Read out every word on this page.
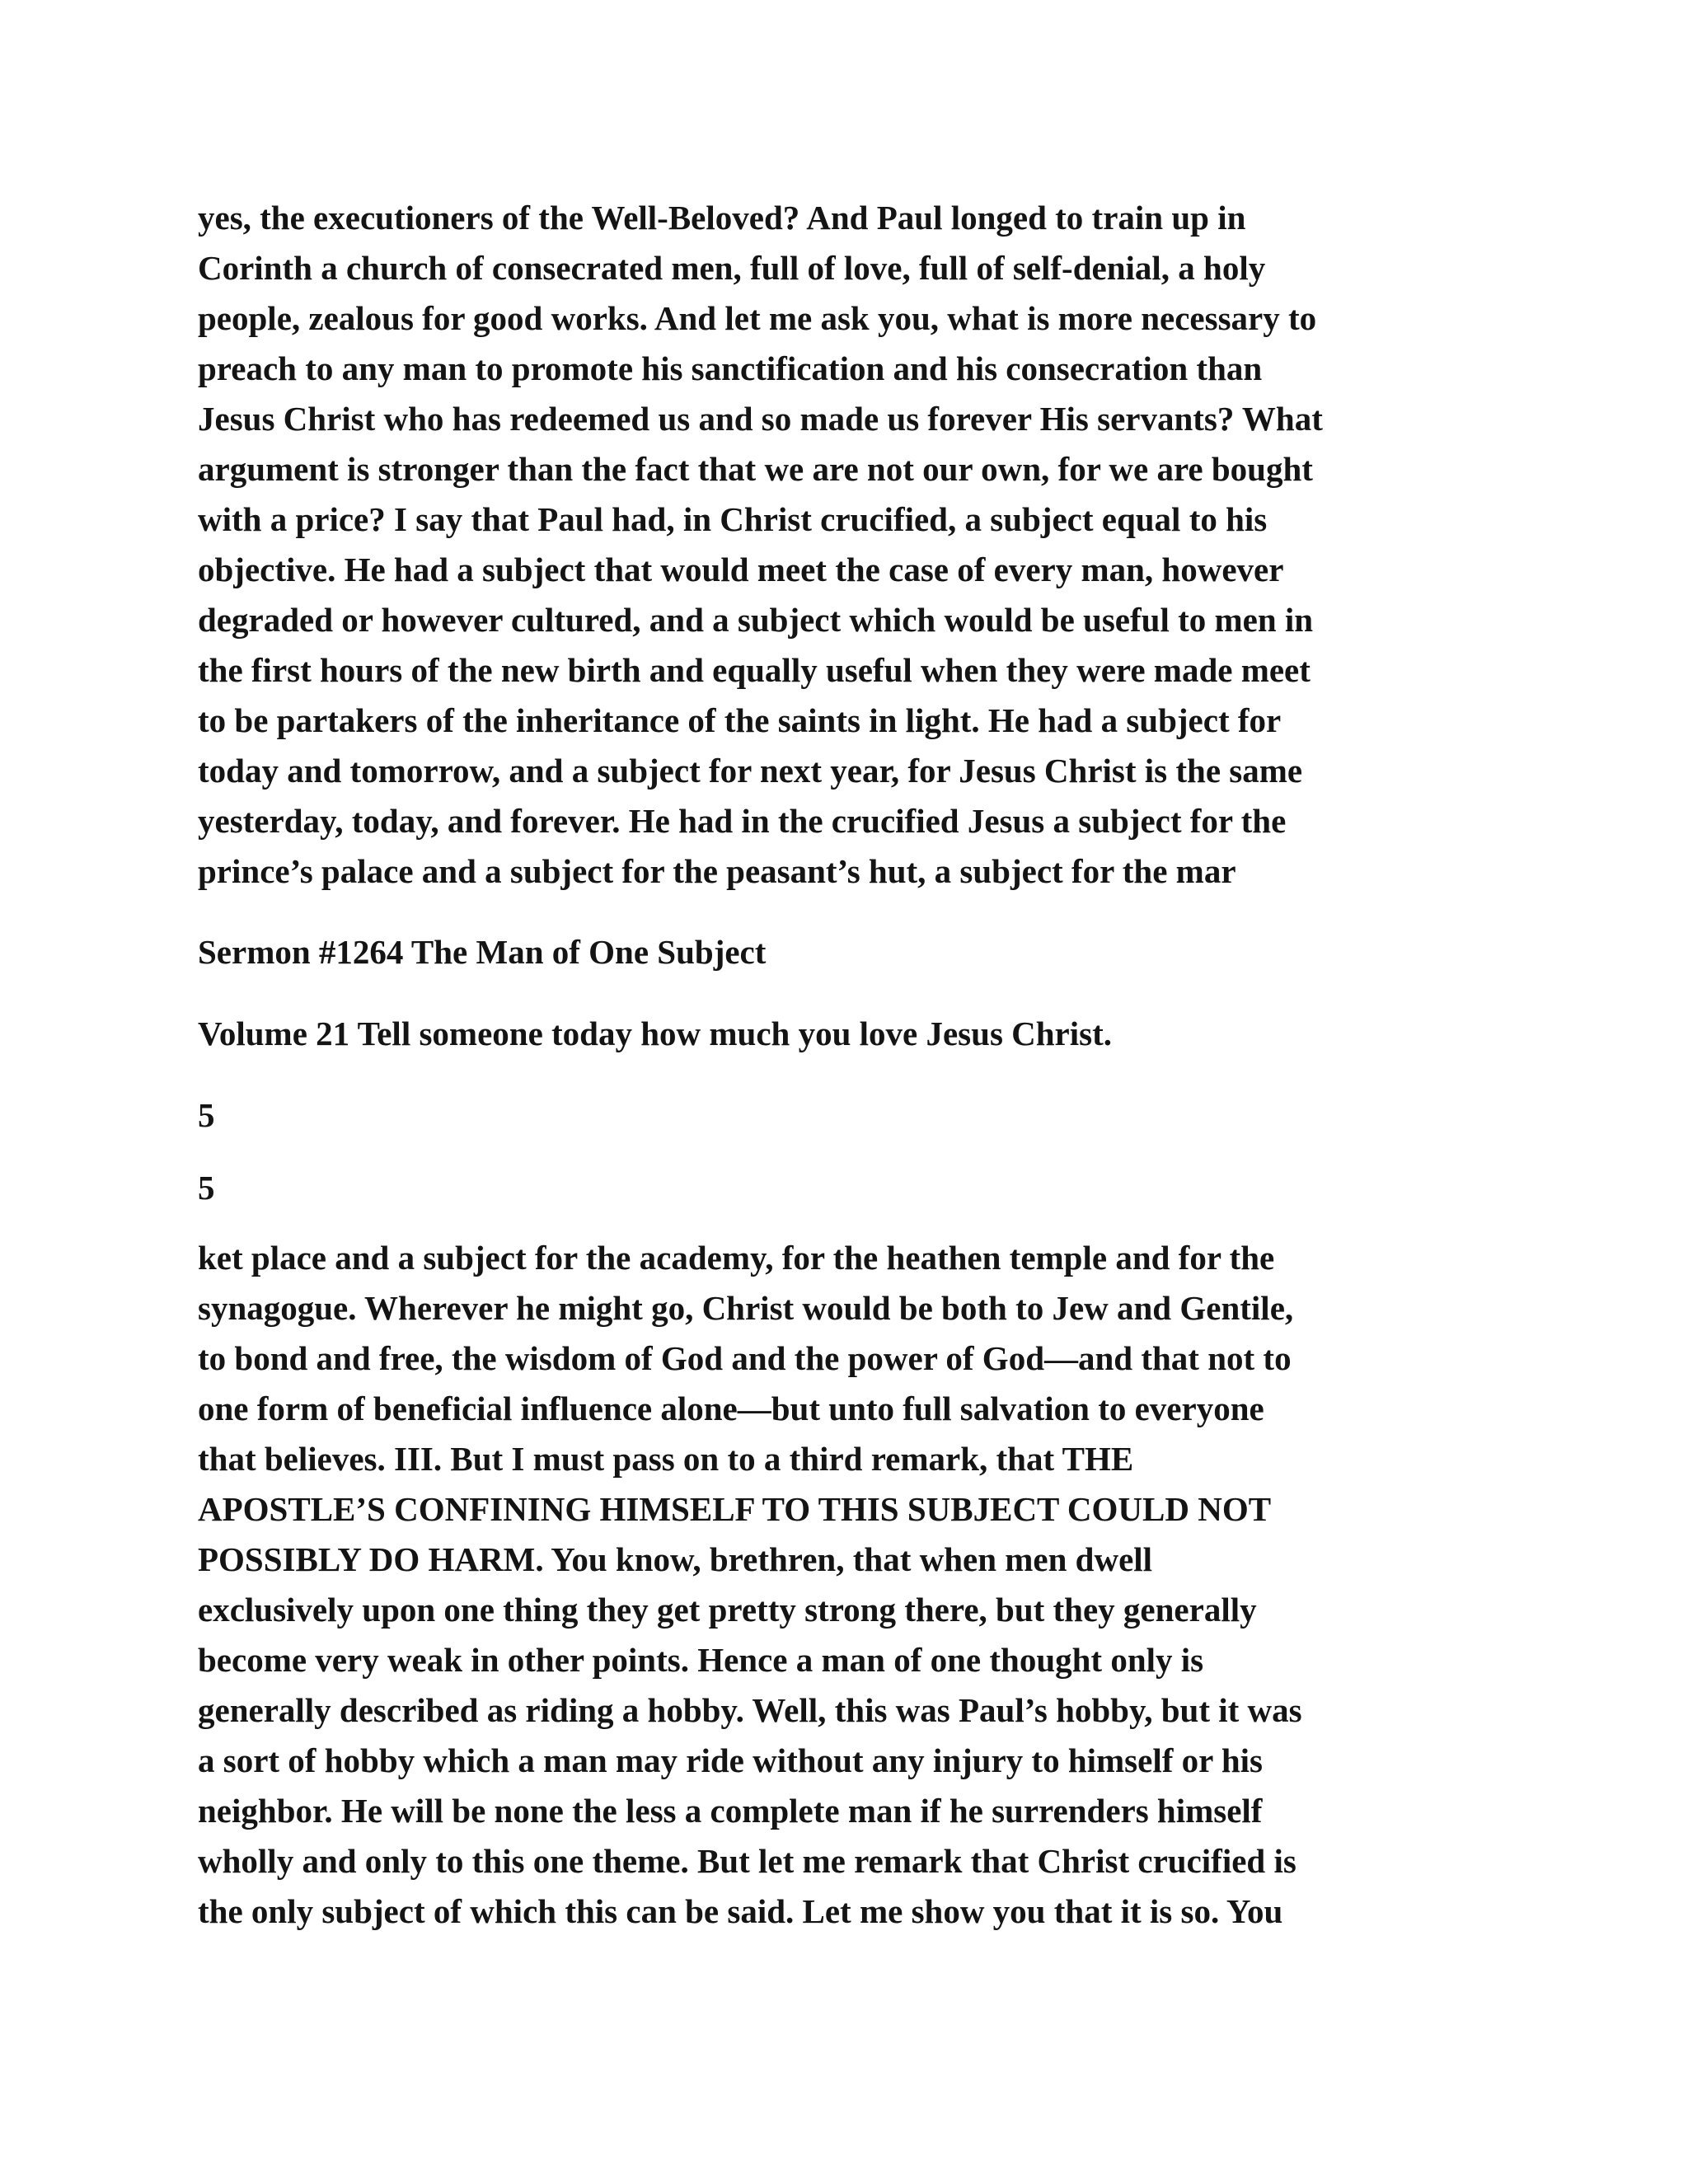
yes, the executioners of the Well-Beloved? And Paul longed to train up in
Corinth a church of consecrated men, full of love, full of self-denial, a holy
people, zealous for good works. And let me ask you, what is more necessary to
preach to any man to promote his sanctification and his consecration than
Jesus Christ who has redeemed us and so made us forever His servants? What
argument is stronger than the fact that we are not our own, for we are bought
with a price? I say that Paul had, in Christ crucified, a subject equal to his
objective. He had a subject that would meet the case of every man, however
degraded or however cultured, and a subject which would be useful to men in
the first hours of the new birth and equally useful when they were made meet
to be partakers of the inheritance of the saints in light. He had a subject for
today and tomorrow, and a subject for next year, for Jesus Christ is the same
yesterday, today, and forever. He had in the crucified Jesus a subject for the
prince’s palace and a subject for the peasant’s hut, a subject for the mar
Sermon #1264 The Man of One Subject
Volume 21 Tell someone today how much you love Jesus Christ.
5
5
ket place and a subject for the academy, for the heathen temple and for the
synagogue. Wherever he might go, Christ would be both to Jew and Gentile,
to bond and free, the wisdom of God and the power of God—and that not to
one form of beneficial influence alone—but unto full salvation to everyone
that believes. III. But I must pass on to a third remark, that THE
APOSTLE’S CONFINING HIMSELF TO THIS SUBJECT COULD NOT
POSSIBLY DO HARM. You know, brethren, that when men dwell
exclusively upon one thing they get pretty strong there, but they generally
become very weak in other points. Hence a man of one thought only is
generally described as riding a hobby. Well, this was Paul’s hobby, but it was
a sort of hobby which a man may ride without any injury to himself or his
neighbor. He will be none the less a complete man if he surrenders himself
wholly and only to this one theme. But let me remark that Christ crucified is
the only subject of which this can be said. Let me show you that it is so. You
